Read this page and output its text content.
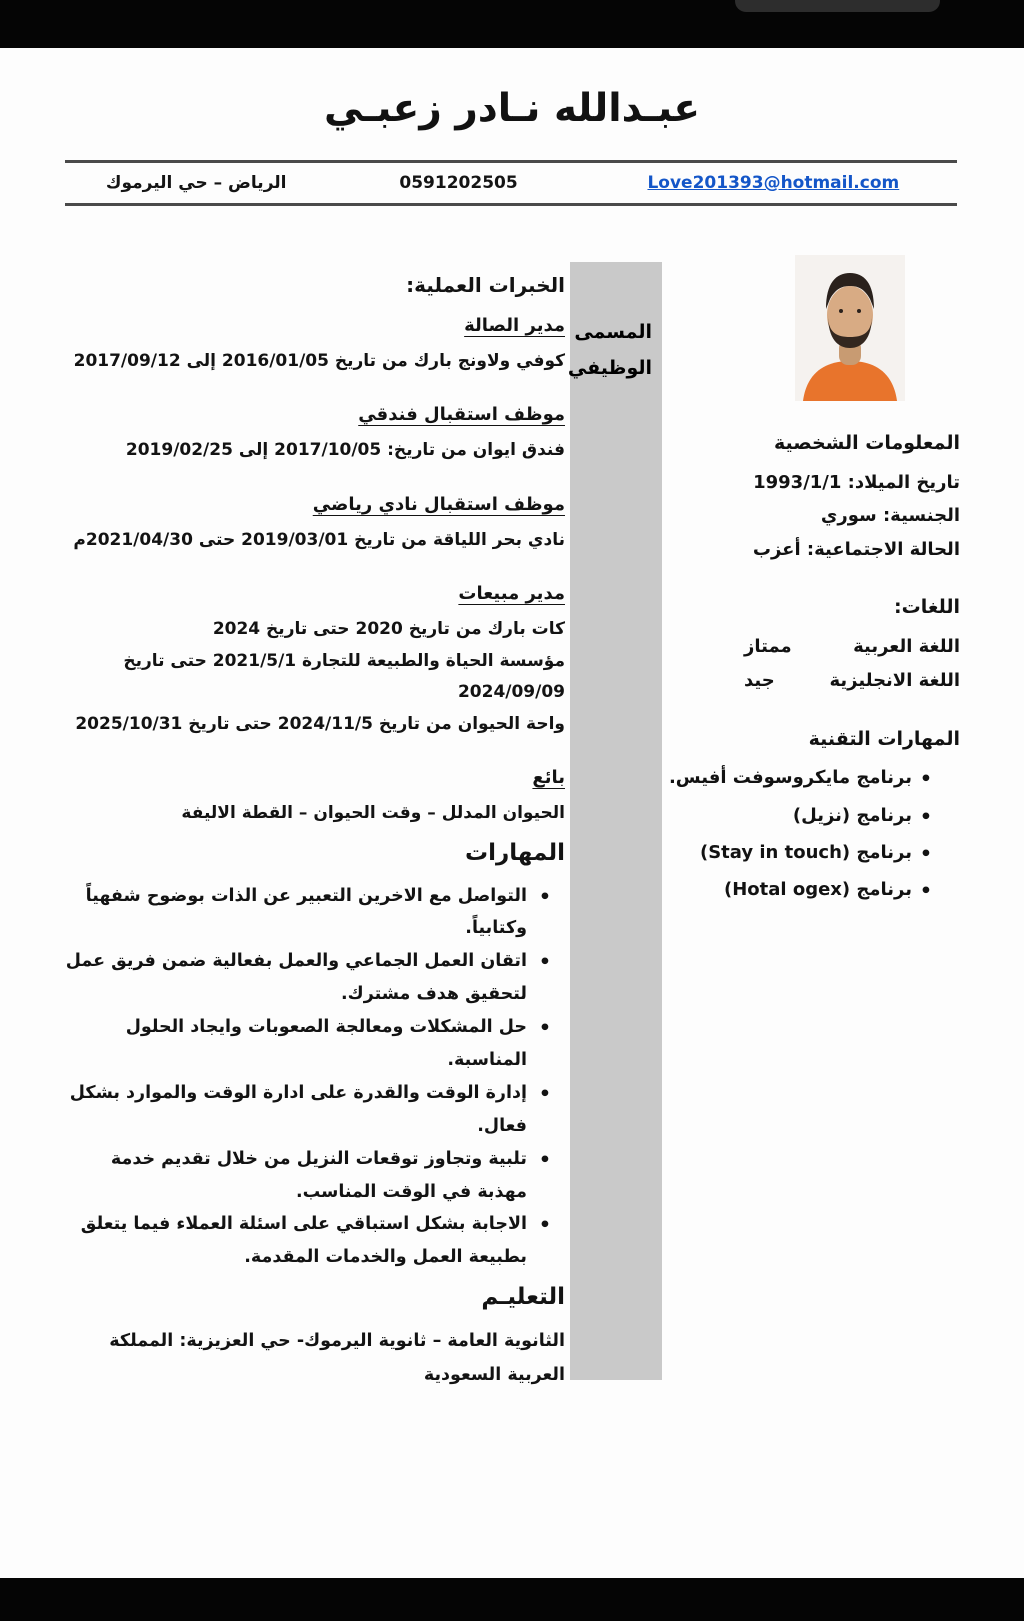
عبـدالله نـادر زعبـي
الرياض – حي اليرموك	0591202505	Love201393@hotmail.com
المسمى
الوظيفي
الخبرات العملية:
مدير الصالة
كوفي ولاونج بارك من تاريخ 2016/01/05 إلى 2017/09/12
موظف استقبال فندقي
فندق ايوان من تاريخ: 2017/10/05 إلى 2019/02/25
موظف استقبال نادي رياضي
نادي بحر اللياقة من تاريخ 2019/03/01 حتى 2021/04/30م
مدير مبيعات
كات بارك من تاريخ 2020 حتى تاريخ 2024
مؤسسة الحياة والطبيعة للتجارة 2021/5/1 حتى تاريخ 2024/09/09
واحة الحيوان من تاريخ 2024/11/5 حتى تاريخ 2025/10/31
بائع
الحيوان المدلل – وقت الحيوان – القطة الاليفة
المهارات
• التواصل مع الاخرين التعبير عن الذات بوضوح شفهياً وكتابياً.
• اتقان العمل الجماعي والعمل بفعالية ضمن فريق عمل لتحقيق هدف مشترك.
• حل المشكلات ومعالجة الصعوبات وايجاد الحلول المناسبة.
• إدارة الوقت والقدرة على ادارة الوقت والموارد بشكل فعال.
• تلبية وتجاوز توقعات النزيل من خلال تقديم خدمة مهذبة في الوقت المناسب.
• الاجابة بشكل استباقي على اسئلة العملاء فيما يتعلق بطبيعة العمل والخدمات المقدمة.
التعليـم
الثانوية العامة – ثانوية اليرموك- حي العزيزية: المملكة العربية السعودية
المعلومات الشخصية
تاريخ الميلاد: 1993/1/1
الجنسية: سوري
الحالة الاجتماعية: أعزب
اللغات:
اللغة العربية
ممتاز
اللغة الانجليزية
جيد
المهارات التقنية
• برنامج مايكروسوفت أفيس.
• برنامج (نزيل)
• برنامج (Stay in touch)
• برنامج (Hotal ogex)
